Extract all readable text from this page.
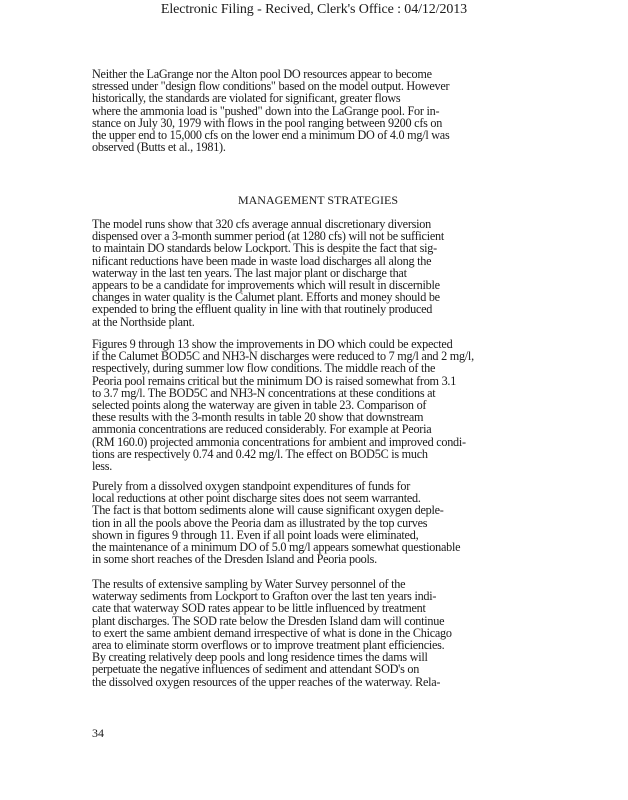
Electronic Filing - Recived, Clerk's Office : 04/12/2013
Neither the LaGrange nor the Alton pool DO resources appear to become
stressed under "design flow conditions" based on the model output. However
historically, the standards are violated for significant, greater flows
where the ammonia load is "pushed" down into the LaGrange pool. For in-
stance on July 30, 1979 with flows in the pool ranging between 9200 cfs on
the upper end to 15,000 cfs on the lower end a minimum DO of 4.0 mg/l was
observed (Butts et al., 1981).
MANAGEMENT STRATEGIES
The model runs show that 320 cfs average annual discretionary diversion
dispensed over a 3-month summer period (at 1280 cfs) will not be sufficient
to maintain DO standards below Lockport. This is despite the fact that sig-
nificant reductions have been made in waste load discharges all along the
waterway in the last ten years. The last major plant or discharge that
appears to be a candidate for improvements which will result in discernible
changes in water quality is the Calumet plant. Efforts and money should be
expended to bring the effluent quality in line with that routinely produced
at the Northside plant.
Figures 9 through 13 show the improvements in DO which could be expected
if the Calumet BOD5C and NH3-N discharges were reduced to 7 mg/l and 2 mg/l,
respectively, during summer low flow conditions. The middle reach of the
Peoria pool remains critical but the minimum DO is raised somewhat from 3.1
to 3.7 mg/l. The BOD5C and NH3-N concentrations at these conditions at
selected points along the waterway are given in table 23. Comparison of
these results with the 3-month results in table 20 show that downstream
ammonia concentrations are reduced considerably. For example at Peoria
(RM 160.0) projected ammonia concentrations for ambient and improved condi-
tions are respectively 0.74 and 0.42 mg/l. The effect on BOD5C is much
less.
Purely from a dissolved oxygen standpoint expenditures of funds for
local reductions at other point discharge sites does not seem warranted.
The fact is that bottom sediments alone will cause significant oxygen deple-
tion in all the pools above the Peoria dam as illustrated by the top curves
shown in figures 9 through 11. Even if all point loads were eliminated,
the maintenance of a minimum DO of 5.0 mg/l appears somewhat questionable
in some short reaches of the Dresden Island and Peoria pools.
The results of extensive sampling by Water Survey personnel of the
waterway sediments from Lockport to Grafton over the last ten years indi-
cate that waterway SOD rates appear to be little influenced by treatment
plant discharges. The SOD rate below the Dresden Island dam will continue
to exert the same ambient demand irrespective of what is done in the Chicago
area to eliminate storm overflows or to improve treatment plant efficiencies.
By creating relatively deep pools and long residence times the dams will
perpetuate the negative influences of sediment and attendant SOD's on
the dissolved oxygen resources of the upper reaches of the waterway. Rela-
34
